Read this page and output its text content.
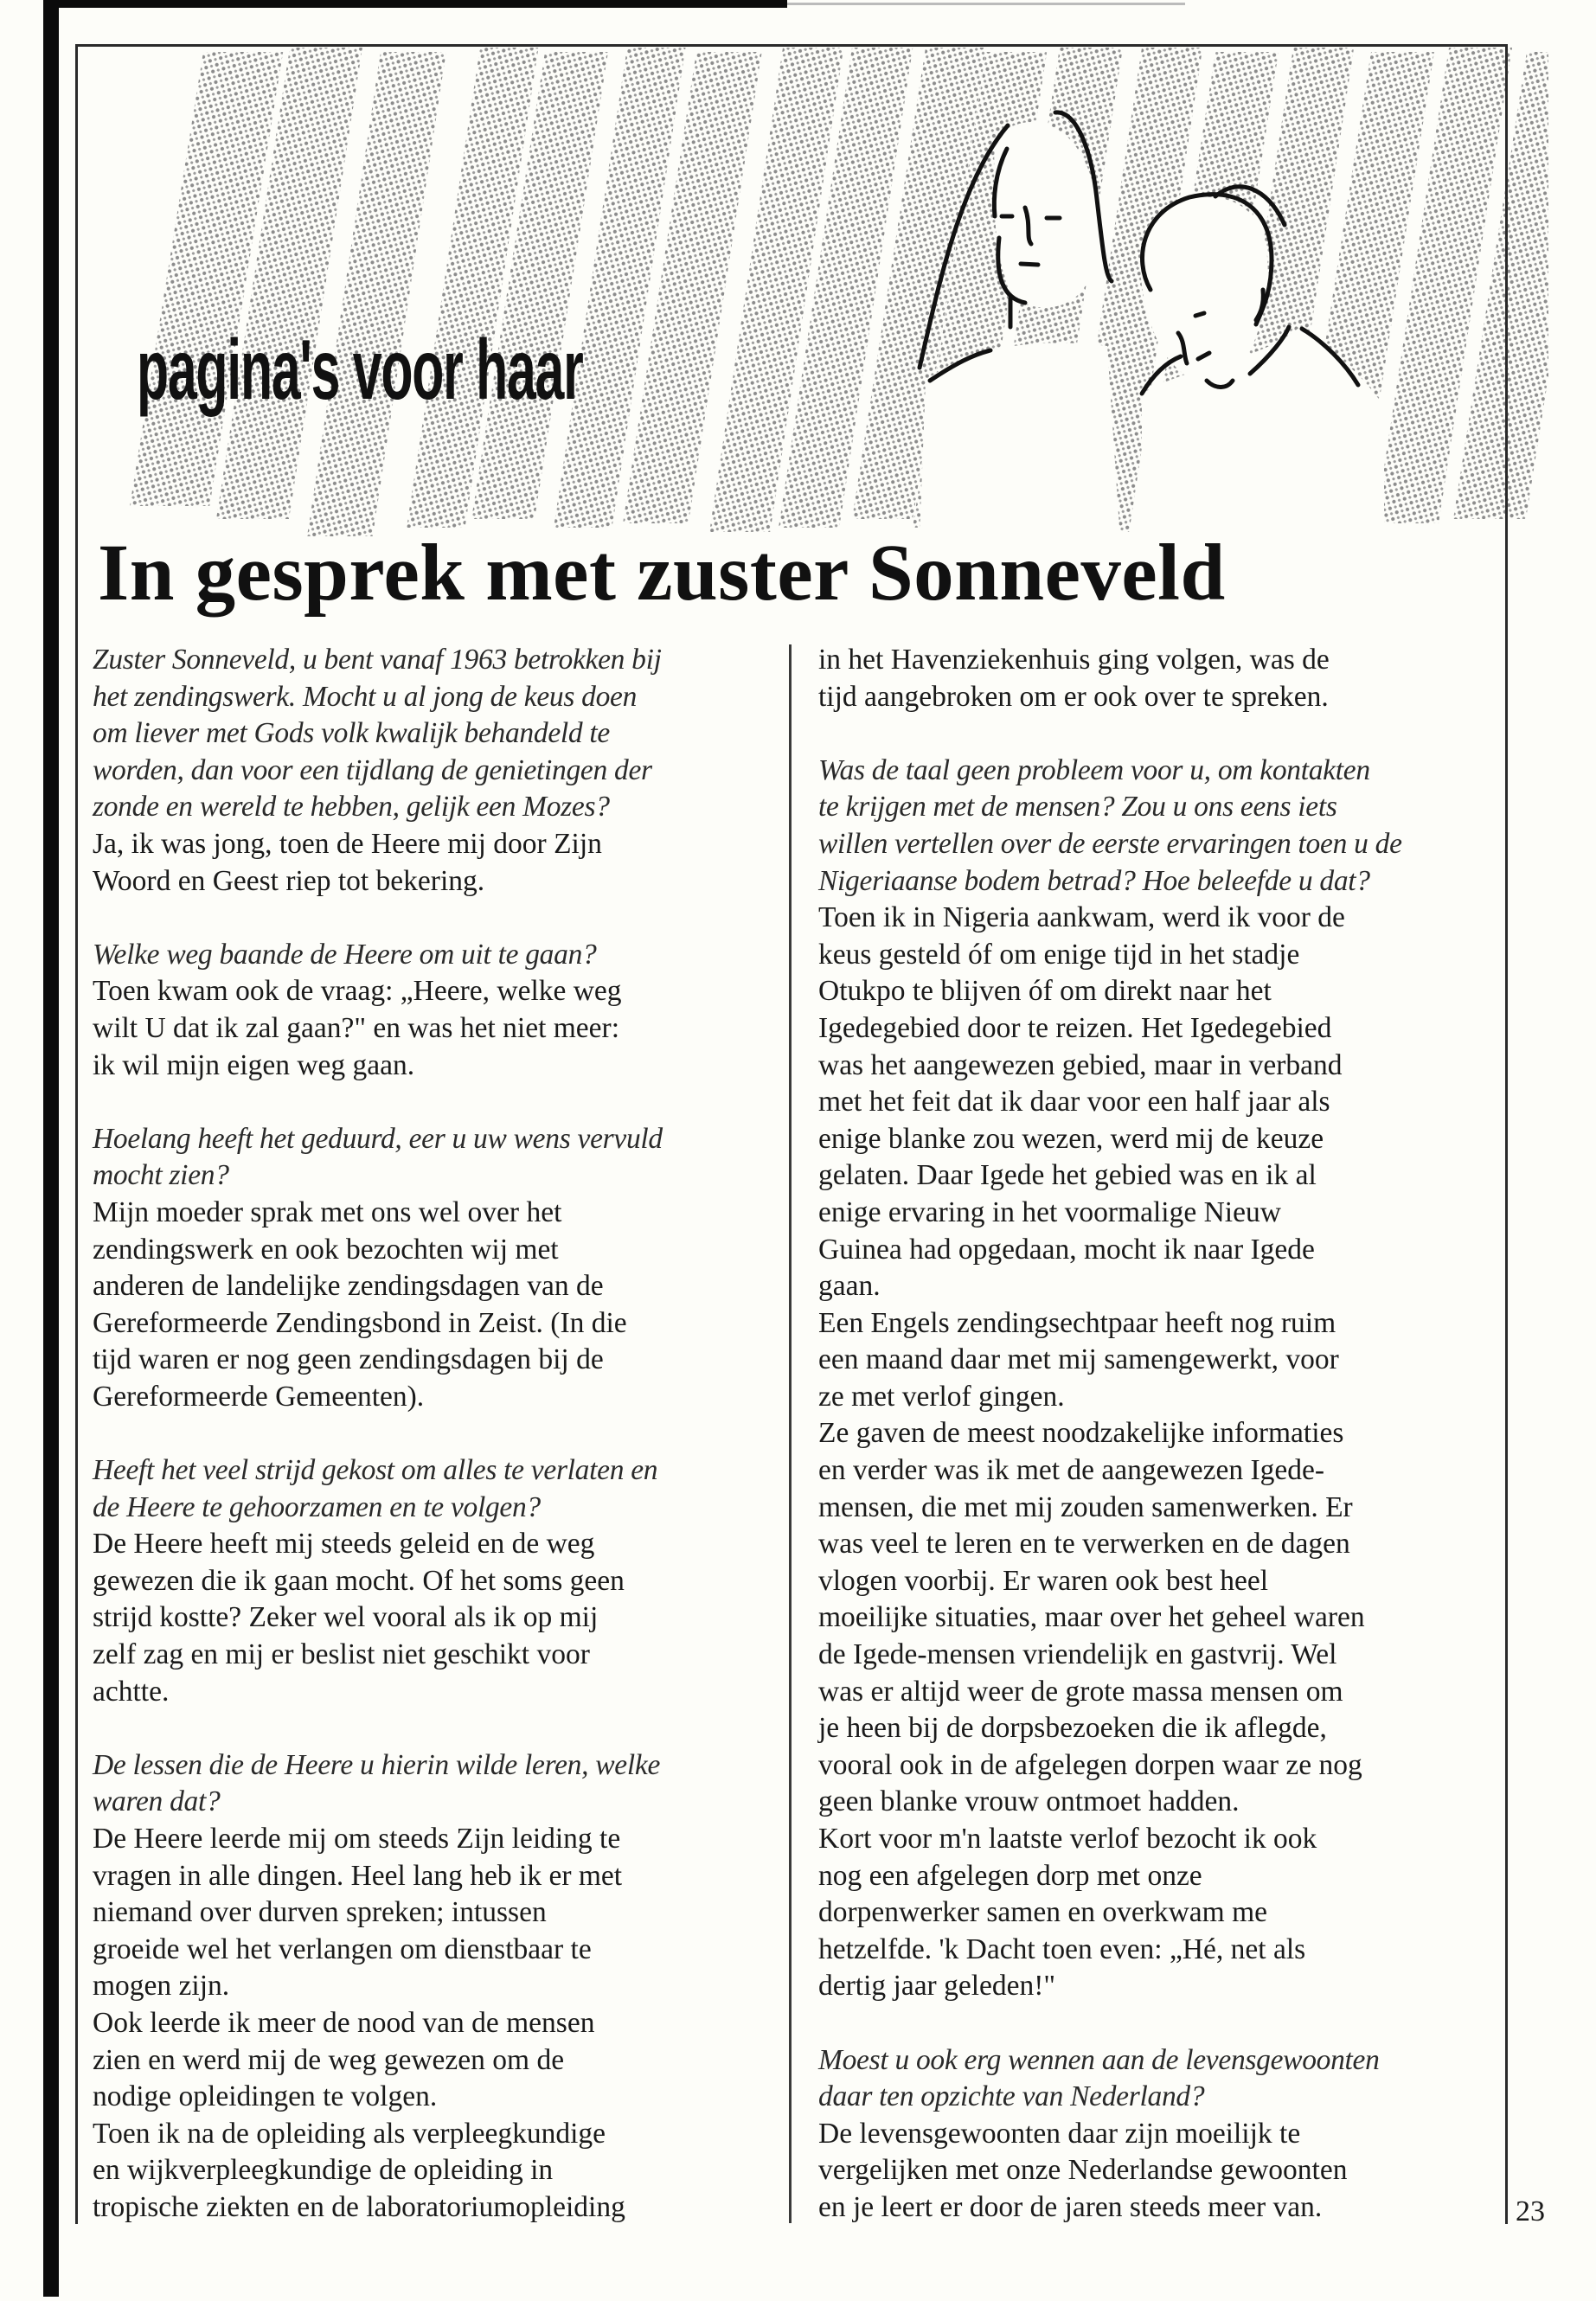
pagina's voor haar
In gesprek met zuster Sonneveld

Zuster Sonneveld, u bent vanaf 1963 betrokken bij
het zendingswerk. Mocht u al jong de keus doen
om liever met Gods volk kwalijk behandeld te
worden, dan voor een tijdlang de genietingen der
zonde en wereld te hebben, gelijk een Mozes?

Ja, ik was jong, toen de Heere mij door Zijn
Woord en Geest riep tot bekering.

Welke weg baande de Heere om uit te gaan?

Toen kwam ook de vraag: „Heere, welke weg
wilt U dat ik zal gaan?" en was het niet meer:
ik wil mijn eigen weg gaan.

Hoelang heeft het geduurd, eer u uw wens vervuld
mocht zien?

Mijn moeder sprak met ons wel over het
zendingswerk en ook bezochten wij met
anderen de landelijke zendingsdagen van de
Gereformeerde Zendingsbond in Zeist. (In die
tijd waren er nog geen zendingsdagen bij de
Gereformeerde Gemeenten).

Heeft het veel strijd gekost om alles te verlaten en
de Heere te gehoorzamen en te volgen?

De Heere heeft mij steeds geleid en de weg
gewezen die ik gaan mocht. Of het soms geen
strijd kostte? Zeker wel vooral als ik op mij
zelf zag en mij er beslist niet geschikt voor
achtte.

De lessen die de Heere u hierin wilde leren, welke
waren dat?

De Heere leerde mij om steeds Zijn leiding te
vragen in alle dingen. Heel lang heb ik er met
niemand over durven spreken; intussen
groeide wel het verlangen om dienstbaar te
mogen zijn.
Ook leerde ik meer de nood van de mensen
zien en werd mij de weg gewezen om de
nodige opleidingen te volgen.
Toen ik na de opleiding als verpleegkundige
en wijkverpleegkundige de opleiding in
tropische ziekten en de laboratoriumopleiding

in het Havenziekenhuis ging volgen, was de
tijd aangebroken om er ook over te spreken.

Was de taal geen probleem voor u, om kontakten
te krijgen met de mensen? Zou u ons eens iets
willen vertellen over de eerste ervaringen toen u de
Nigeriaanse bodem betrad? Hoe beleefde u dat?

Toen ik in Nigeria aankwam, werd ik voor de
keus gesteld óf om enige tijd in het stadje
Otukpo te blijven óf om direkt naar het
Igedegebied door te reizen. Het Igedegebied
was het aangewezen gebied, maar in verband
met het feit dat ik daar voor een half jaar als
enige blanke zou wezen, werd mij de keuze
gelaten. Daar Igede het gebied was en ik al
enige ervaring in het voormalige Nieuw
Guinea had opgedaan, mocht ik naar Igede
gaan.
Een Engels zendingsechtpaar heeft nog ruim
een maand daar met mij samengewerkt, voor
ze met verlof gingen.
Ze gaven de meest noodzakelijke informaties
en verder was ik met de aangewezen Igede-
mensen, die met mij zouden samenwerken. Er
was veel te leren en te verwerken en de dagen
vlogen voorbij. Er waren ook best heel
moeilijke situaties, maar over het geheel waren
de Igede-mensen vriendelijk en gastvrij. Wel
was er altijd weer de grote massa mensen om
je heen bij de dorpsbezoeken die ik aflegde,
vooral ook in de afgelegen dorpen waar ze nog
geen blanke vrouw ontmoet hadden.
Kort voor m'n laatste verlof bezocht ik ook
nog een afgelegen dorp met onze
dorpenwerker samen en overkwam me
hetzelfde. 'k Dacht toen even: „Hé, net als
dertig jaar geleden!"

Moest u ook erg wennen aan de levensgewoonten
daar ten opzichte van Nederland?

De levensgewoonten daar zijn moeilijk te
vergelijken met onze Nederlandse gewoonten
en je leert er door de jaren steeds meer van.	23
